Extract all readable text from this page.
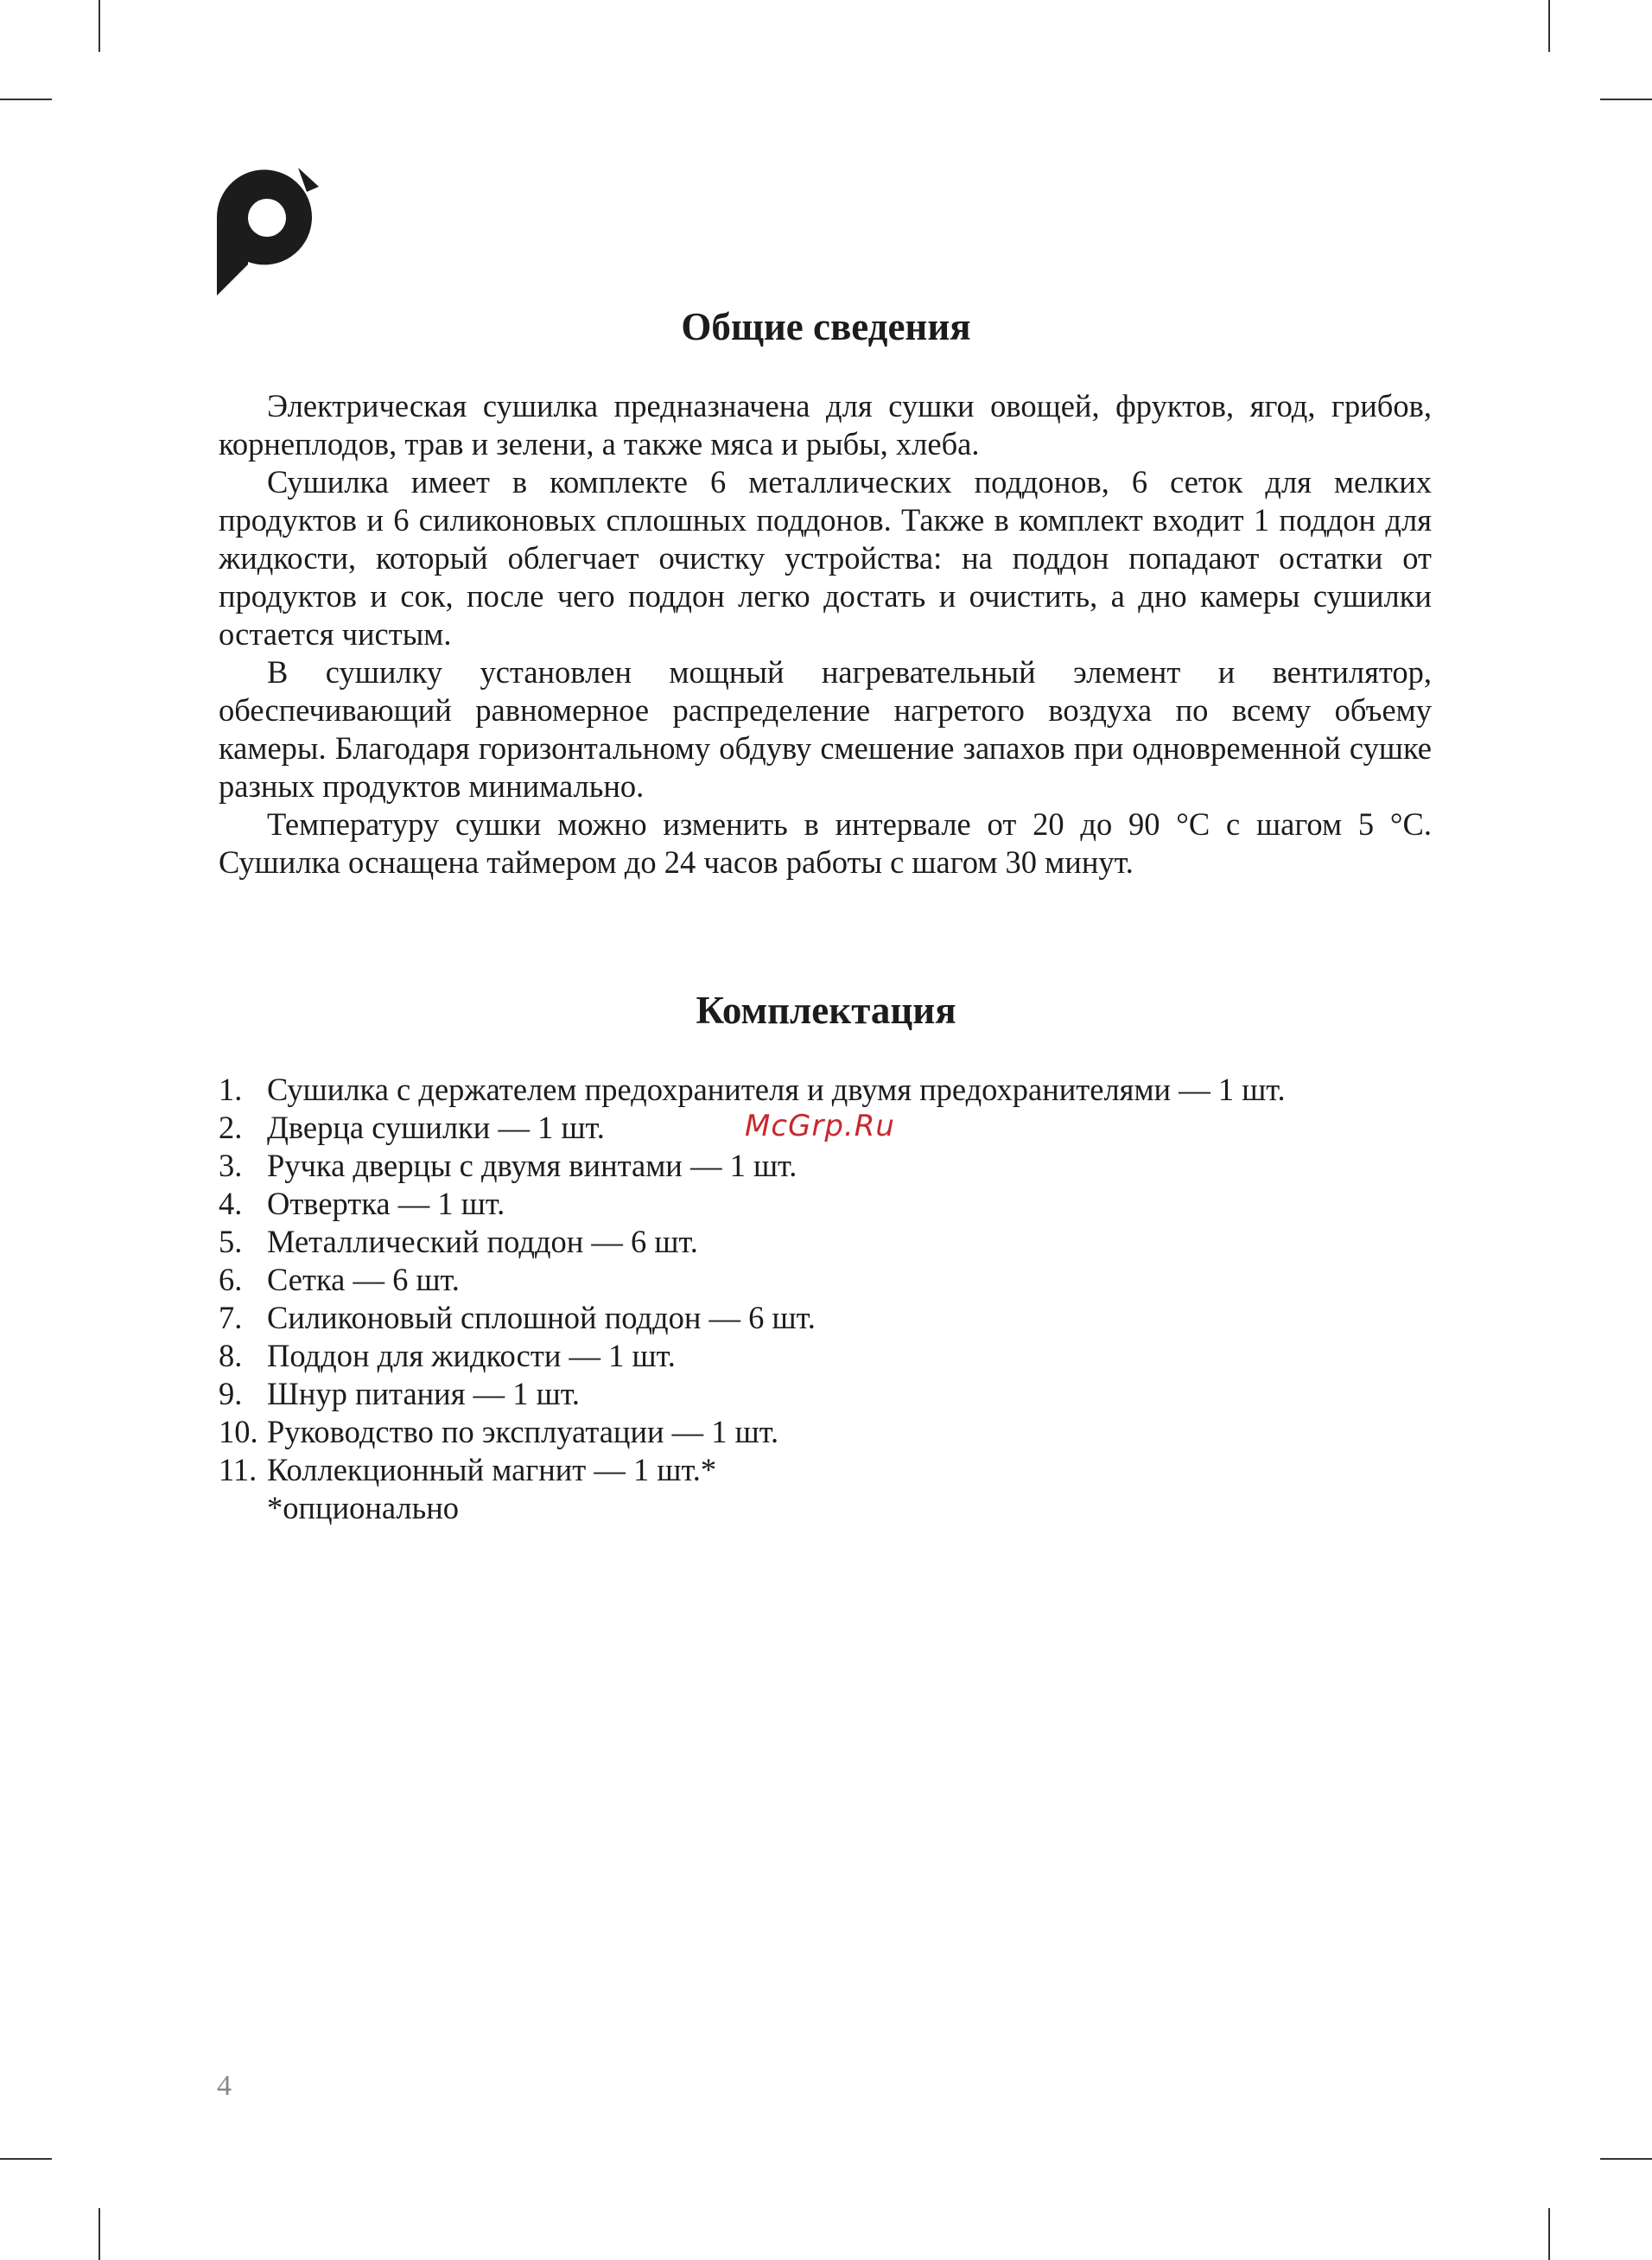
Общие сведения

Электрическая сушилка предназначена для сушки овощей, фруктов, ягод, грибов, корнеплодов, трав и зелени, а также мяса и рыбы, хлеба.

Сушилка имеет в комплекте 6 металлических поддонов, 6 сеток для мелких продуктов и 6 силиконовых сплошных поддонов. Также в комплект входит 1 поддон для жидкости, который облегчает очистку устройства: на поддон попадают остатки от продуктов и сок, после чего поддон легко достать и очистить, а дно камеры сушилки остается чистым.

В сушилку установлен мощный нагревательный элемент и вентилятор, обеспечивающий равномерное распределение нагретого воздуха по всему объему камеры. Благодаря горизонтальному обдуву смешение запахов при одновременной сушке разных продуктов минимально.

Температуру сушки можно изменить в интервале от 20 до 90 °С с шагом 5 °С. Сушилка оснащена таймером до 24 часов работы с шагом 30 минут.

Комплектация
1. Сушилка с держателем предохранителя и двумя предохранителями — 1 шт.
2. Дверца сушилки — 1 шт.
3. Ручка дверцы с двумя винтами — 1 шт.
4. Отвертка — 1 шт.
5. Металлический поддон — 6 шт.
6. Сетка — 6 шт.
7. Силиконовый сплошной поддон — 6 шт.
8. Поддон для жидкости — 1 шт.
9. Шнур питания — 1 шт.
10. Руководство по эксплуатации — 1 шт.
11. Коллекционный магнит — 1 шт.*
*опционально
McGrp.Ru
4
